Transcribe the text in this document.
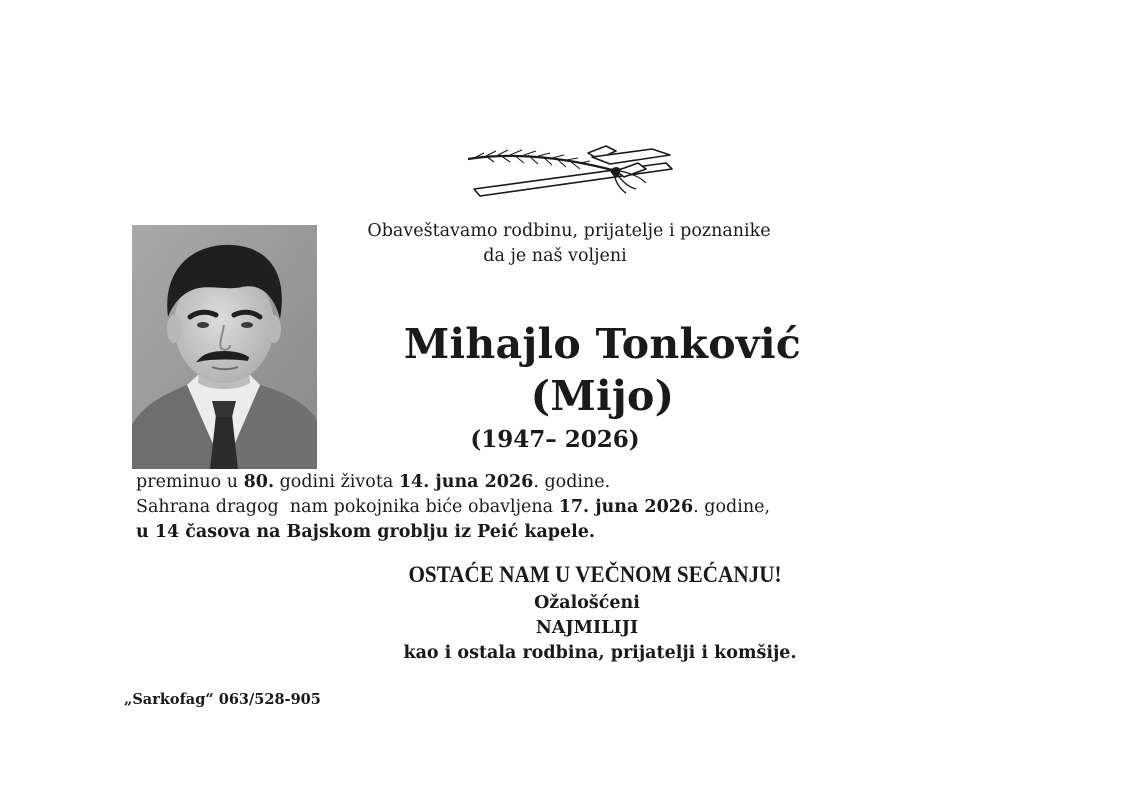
Obaveštavamo rodbinu, prijatelje i poznanike
da je naš voljeni
Mihajlo Tonković (Mijo)
(1947– 2026)
preminuo u 80. godini života 14. juna 2026. godine.
Sahrana dragog  nam pokojnika biće obavljena 17. juna 2026. godine,
u 14 časova na Bajskom groblju iz Peić kapele.
OSTAĆE NAM U VEČNOM SEĆANJU!
Ožalošćeni
NAJMILIJI
kao i ostala rodbina, prijatelji i komšije.
„Sarkofag“ 063/528-905
